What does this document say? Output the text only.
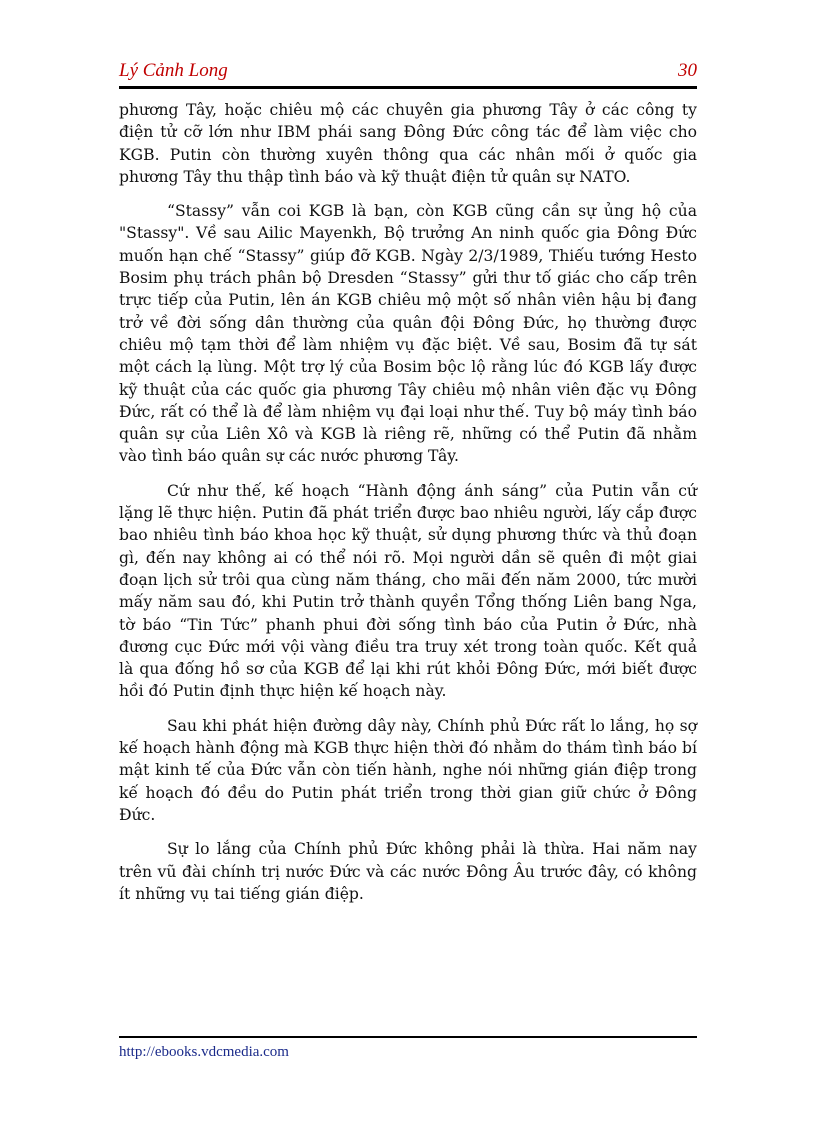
Lý Cảnh Long	30

phương Tây, hoặc chiêu mộ các chuyên gia phương Tây ở các công ty điện tử cỡ lớn như IBM phái sang Đông Đức công tác để làm việc cho KGB. Putin còn thường xuyên thông qua các nhân mối ở quốc gia phương Tây thu thập tình báo và kỹ thuật điện tử quân sự NATO.

“Stassy” vẫn coi KGB là bạn, còn KGB cũng cần sự ủng hộ của "Stassy". Về sau Ailic Mayenkh, Bộ trưởng An ninh quốc gia Đông Đức muốn hạn chế “Stassy” giúp đỡ KGB. Ngày 2/3/1989, Thiếu tướng Hesto Bosim phụ trách phân bộ Dresden “Stassy” gửi thư tố giác cho cấp trên trực tiếp của Putin, lên án KGB chiêu mộ một số nhân viên hậu bị đang trở về đời sống dân thường của quân đội Đông Đức, họ thường được chiêu mộ tạm thời để làm nhiệm vụ đặc biệt. Về sau, Bosim đã tự sát một cách lạ lùng. Một trợ lý của Bosim bộc lộ rằng lúc đó KGB lấy được kỹ thuật của các quốc gia phương Tây chiêu mộ nhân viên đặc vụ Đông Đức, rất có thể là để làm nhiệm vụ đại loại như thế. Tuy bộ máy tình báo quân sự của Liên Xô và KGB là riêng rẽ, những có thể Putin đã nhằm vào tình báo quân sự các nước phương Tây.

Cứ như thế, kế hoạch “Hành động ánh sáng” của Putin vẫn cứ lặng lẽ thực hiện. Putin đã phát triển được bao nhiêu người, lấy cắp được bao nhiêu tình báo khoa học kỹ thuật, sử dụng phương thức và thủ đoạn gì, đến nay không ai có thể nói rõ. Mọi người dần sẽ quên đi một giai đoạn lịch sử trôi qua cùng năm tháng, cho mãi đến năm 2000, tức mười mấy năm sau đó, khi Putin trở thành quyền Tổng thống Liên bang Nga, tờ báo “Tin Tức” phanh phui đời sống tình báo của Putin ở Đức, nhà đương cục Đức mới vội vàng điều tra truy xét trong toàn quốc. Kết quả là qua đống hồ sơ của KGB để lại khi rút khỏi Đông Đức, mới biết được hồi đó Putin định thực hiện kế hoạch này.

Sau khi phát hiện đường dây này, Chính phủ Đức rất lo lắng, họ sợ kế hoạch hành động mà KGB thực hiện thời đó nhằm do thám tình báo bí mật kinh tế của Đức vẫn còn tiến hành, nghe nói những gián điệp trong kế hoạch đó đều do Putin phát triển trong thời gian giữ chức ở Đông Đức.

Sự lo lắng của Chính phủ Đức không phải là thừa. Hai năm nay trên vũ đài chính trị nước Đức và các nước Đông Âu trước đây, có không ít những vụ tai tiếng gián điệp.

http://ebooks.vdcmedia.com
